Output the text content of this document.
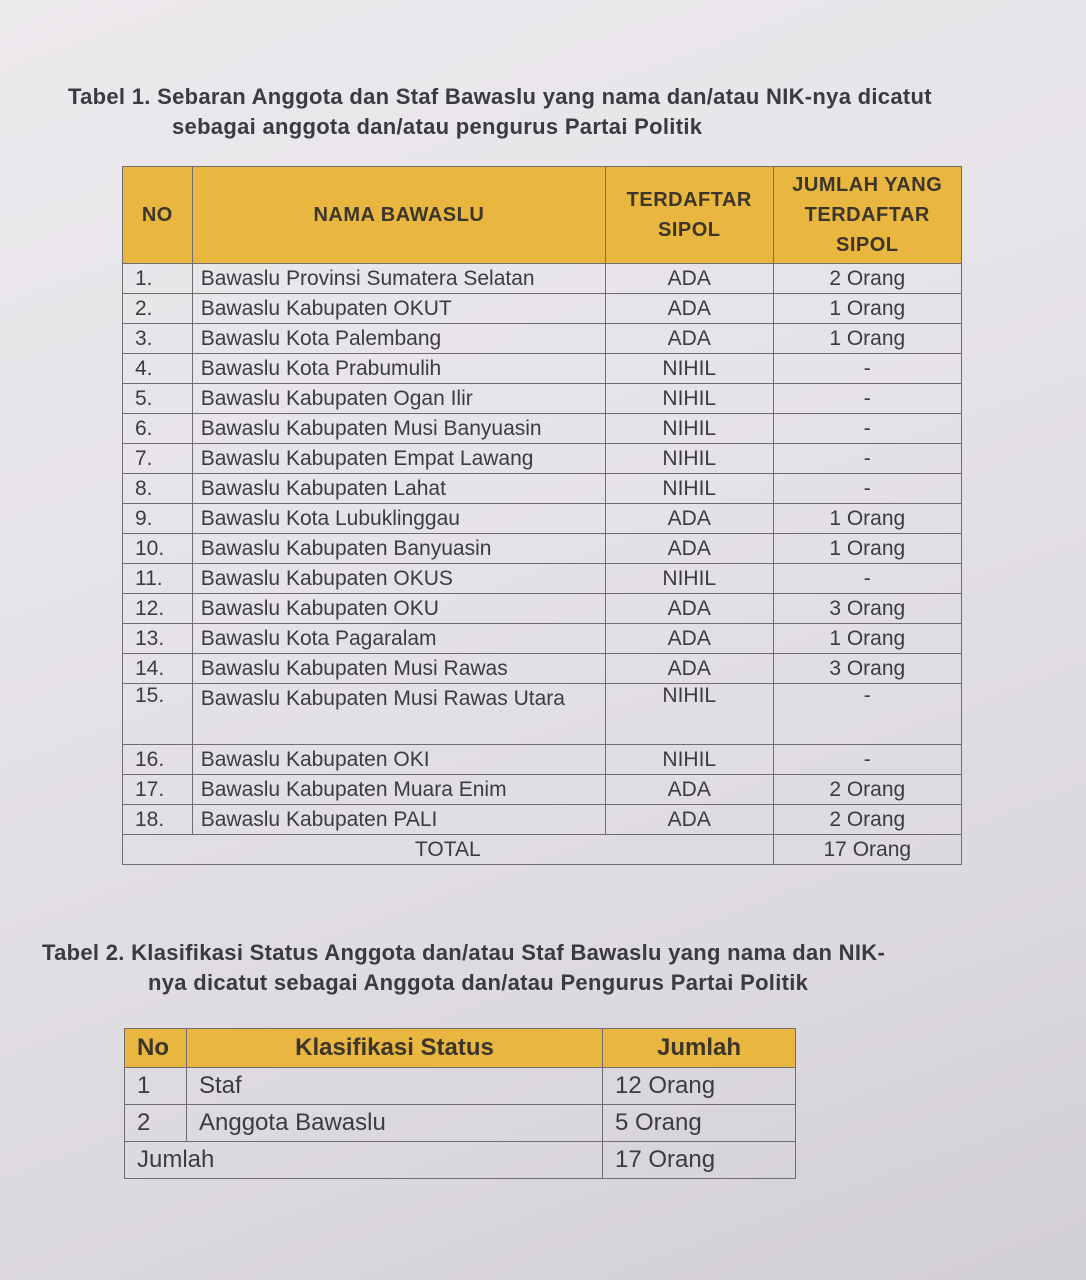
Tabel 1. Sebaran Anggota dan Staf Bawaslu yang nama dan/atau NIK-nya dicatut
sebagai anggota dan/atau pengurus Partai Politik
NO	NAMA BAWASLU	TERDAFTAR SIPOL	JUMLAH YANG TERDAFTAR SIPOL
1.	Bawaslu Provinsi Sumatera Selatan	ADA	2 Orang
2.	Bawaslu Kabupaten OKUT	ADA	1 Orang
3.	Bawaslu Kota Palembang	ADA	1 Orang
4.	Bawaslu Kota Prabumulih	NIHIL	-
5.	Bawaslu Kabupaten Ogan Ilir	NIHIL	-
6.	Bawaslu Kabupaten Musi Banyuasin	NIHIL	-
7.	Bawaslu Kabupaten Empat Lawang	NIHIL	-
8.	Bawaslu Kabupaten Lahat	NIHIL	-
9.	Bawaslu Kota Lubuklinggau	ADA	1 Orang
10.	Bawaslu Kabupaten Banyuasin	ADA	1 Orang
11.	Bawaslu Kabupaten OKUS	NIHIL	-
12.	Bawaslu Kabupaten OKU	ADA	3 Orang
13.	Bawaslu Kota Pagaralam	ADA	1 Orang
14.	Bawaslu Kabupaten Musi Rawas	ADA	3 Orang
15.	Bawaslu Kabupaten Musi Rawas Utara	NIHIL	-
16.	Bawaslu Kabupaten OKI	NIHIL	-
17.	Bawaslu Kabupaten Muara Enim	ADA	2 Orang
18.	Bawaslu Kabupaten PALI	ADA	2 Orang
TOTAL			17 Orang
Tabel 2. Klasifikasi Status Anggota dan/atau Staf Bawaslu yang nama dan NIK-
nya dicatut sebagai Anggota dan/atau Pengurus Partai Politik
No	Klasifikasi Status	Jumlah
1	Staf	12 Orang
2	Anggota Bawaslu	5 Orang
Jumlah		17 Orang
